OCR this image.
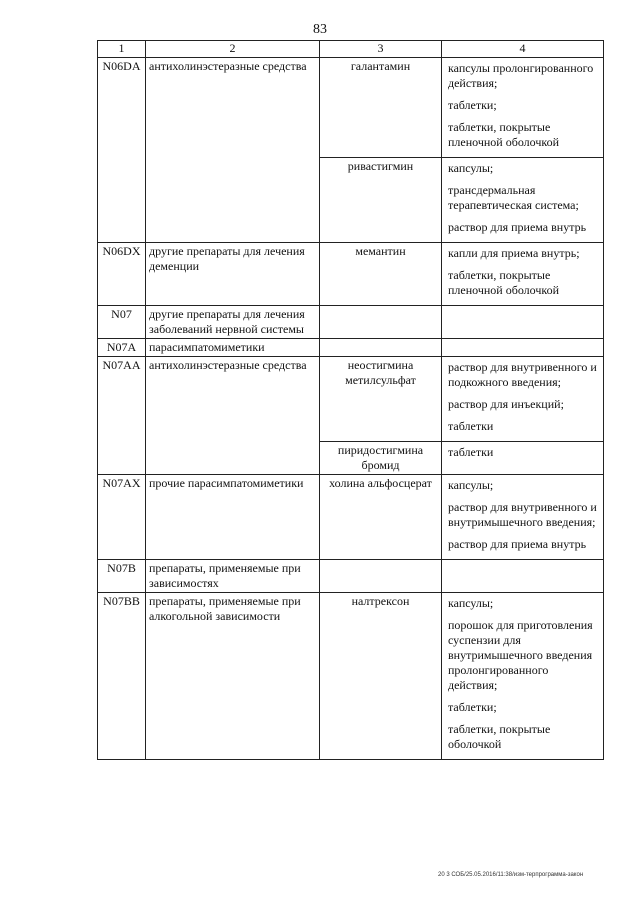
83
1	2	3	4
N06DA	антихолинэстеразные средства	галантамин	капсулы пролонгированного действия;
таблетки;
таблетки, покрытые пленочной оболочкой

		ривастигмин	капсулы;
трансдермальная терапевтическая система;
раствор для приема внутрь

N06DX	другие препараты для лечения деменции	мемантин	капли для приема внутрь;
таблетки, покрытые пленочной оболочкой

N07	другие препараты для лечения заболеваний нервной системы		
N07A	парасимпатомиметики		
N07AA	антихолинэстеразные средства	неостигмина метилсульфат	раствор для внутривенного и подкожного введения;
раствор для инъекций;
таблетки

		пиридостигмина бромид	таблетки

N07AX	прочие парасимпатомиметики	холина альфосцерат	капсулы;
раствор для внутривенного и внутримышечного введения;
раствор для приема внутрь

N07B	препараты, применяемые при зависимостях		
N07BB	препараты, применяемые при алкогольной зависимости	налтрексон	капсулы;
порошок для приготовления суспензии для внутримышечного введения пролонгированного действия;
таблетки;
таблетки, покрытые оболочкой
20 3 СОБ/25.05.2016/11:38/изм-терпрограмма-закон
